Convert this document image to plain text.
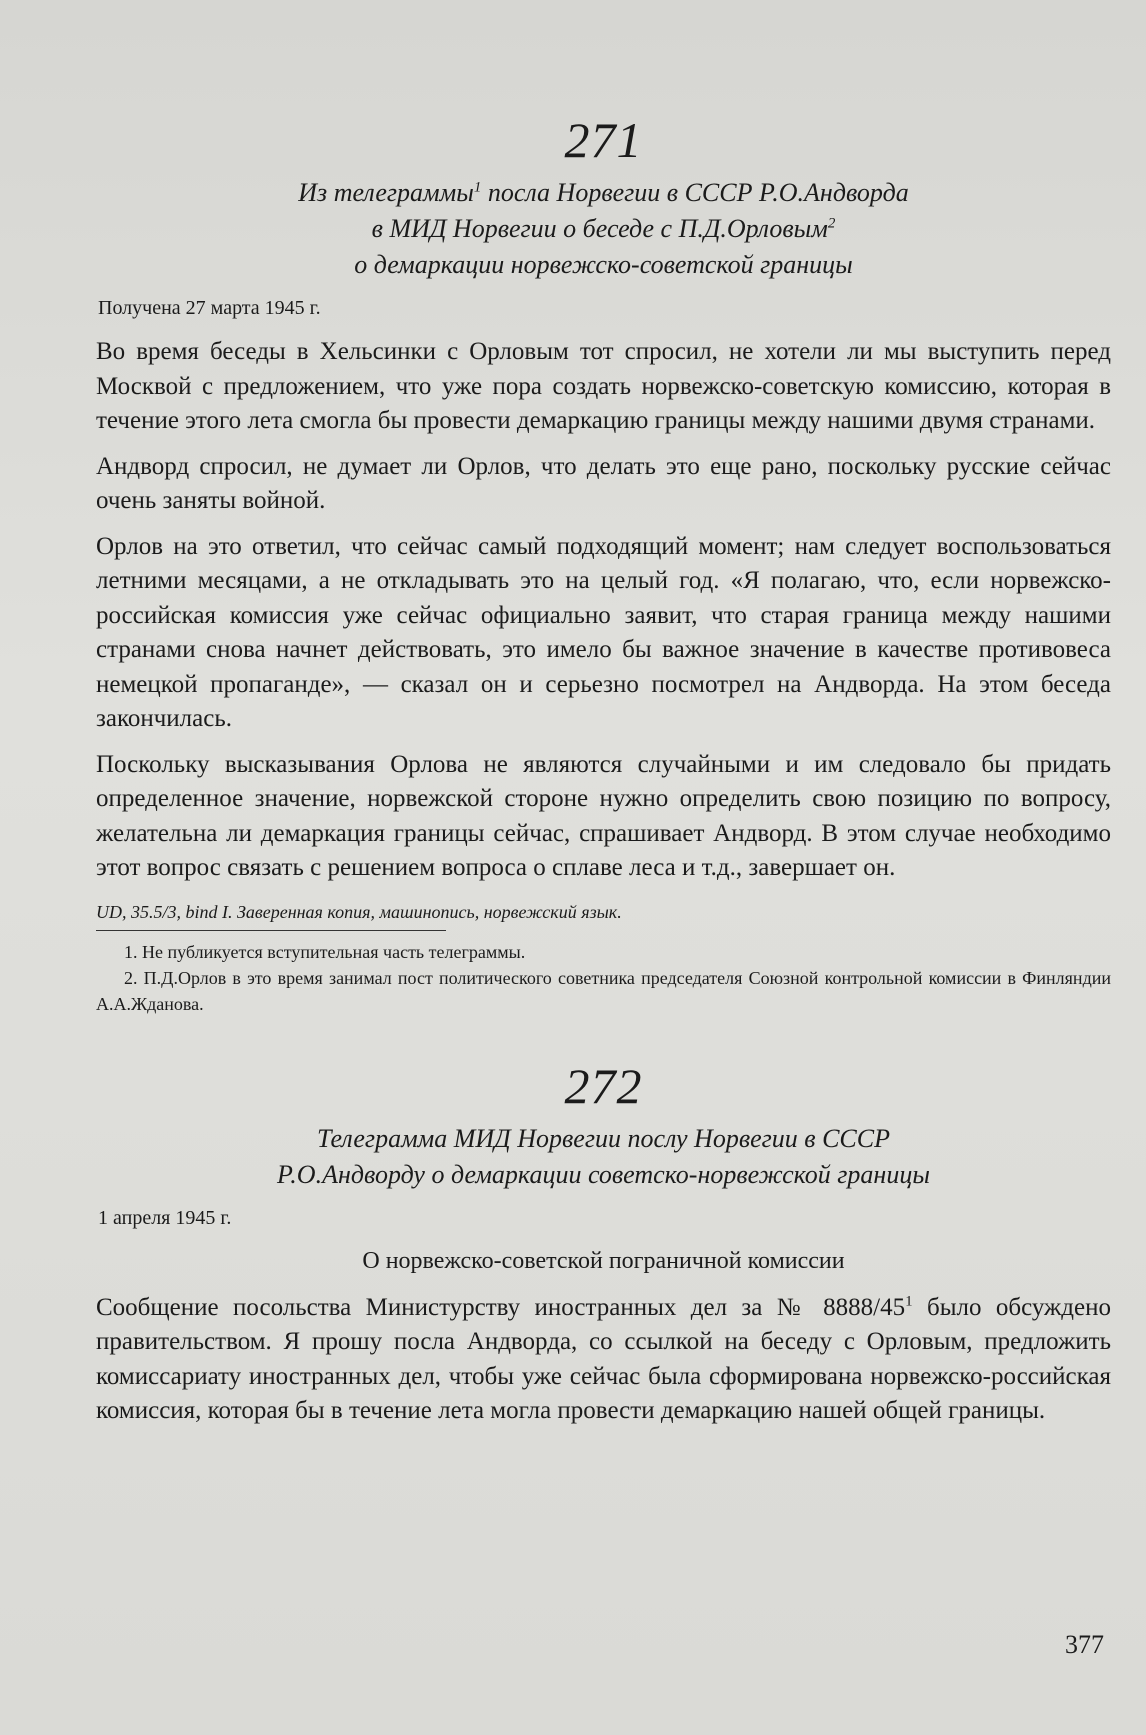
271

Из телеграммы$^1$ посла Норвегии в СССР Р.О.Андворда

в МИД Норвегии о беседе с П.Д.Орловым$^2$

о демаркации норвежско-советской границы

Получена 27 марта 1945 г.

Во время беседы в Хельсинки с Орловым тот спросил, не хотели ли мы выступить перед Москвой с предложением, что уже пора создать норвежско-советскую комиссию, которая в течение этого лета смогла бы провести демаркацию границы между нашими двумя странами.

Андворд спросил, не думает ли Орлов, что делать это еще рано, поскольку русские сейчас очень заняты войной.

Орлов на это ответил, что сейчас самый подходящий момент; нам следует воспользоваться летними месяцами, а не откладывать это на целый год. «Я полагаю, что, если норвежско-российская комиссия уже сейчас официально заявит, что старая граница между нашими странами снова начнет действовать, это имело бы важное значение в качестве противовеса немецкой пропаганде», — сказал он и серьезно посмотрел на Андворда. На этом беседа закончилась.

Поскольку высказывания Орлова не являются случайными и им следовало бы придать определенное значение, норвежской стороне нужно определить свою позицию по вопросу, желательна ли демаркация границы сейчас, спрашивает Андворд. В этом случае необходимо этот вопрос связать с решением вопроса о сплаве леса и т.д., завершает он.

UD, 35.5/3, bind I. Заверенная копия, машинопись, норвежский язык.

1. Не публикуется вступительная часть телеграммы.

2. П.Д.Орлов в это время занимал пост политического советника председателя Союзной контрольной комиссии в Финляндии А.А.Жданова.

272

Телеграмма МИД Норвегии послу Норвегии в СССР

Р.О.Андворду о демаркации советско-норвежской границы

1 апреля 1945 г.
О норвежско-советской пограничной комиссии

Сообщение посольства Министурству иностранных дел за № $8888/45^1$ было обсуждено правительством. Я прошу посла Андворда, со ссылкой на беседу с Орловым, предложить комиссариату иностранных дел, чтобы уже сейчас была сформирована норвежско-российская комиссия, которая бы в течение лета могла провести демаркацию нашей общей границы.

377
